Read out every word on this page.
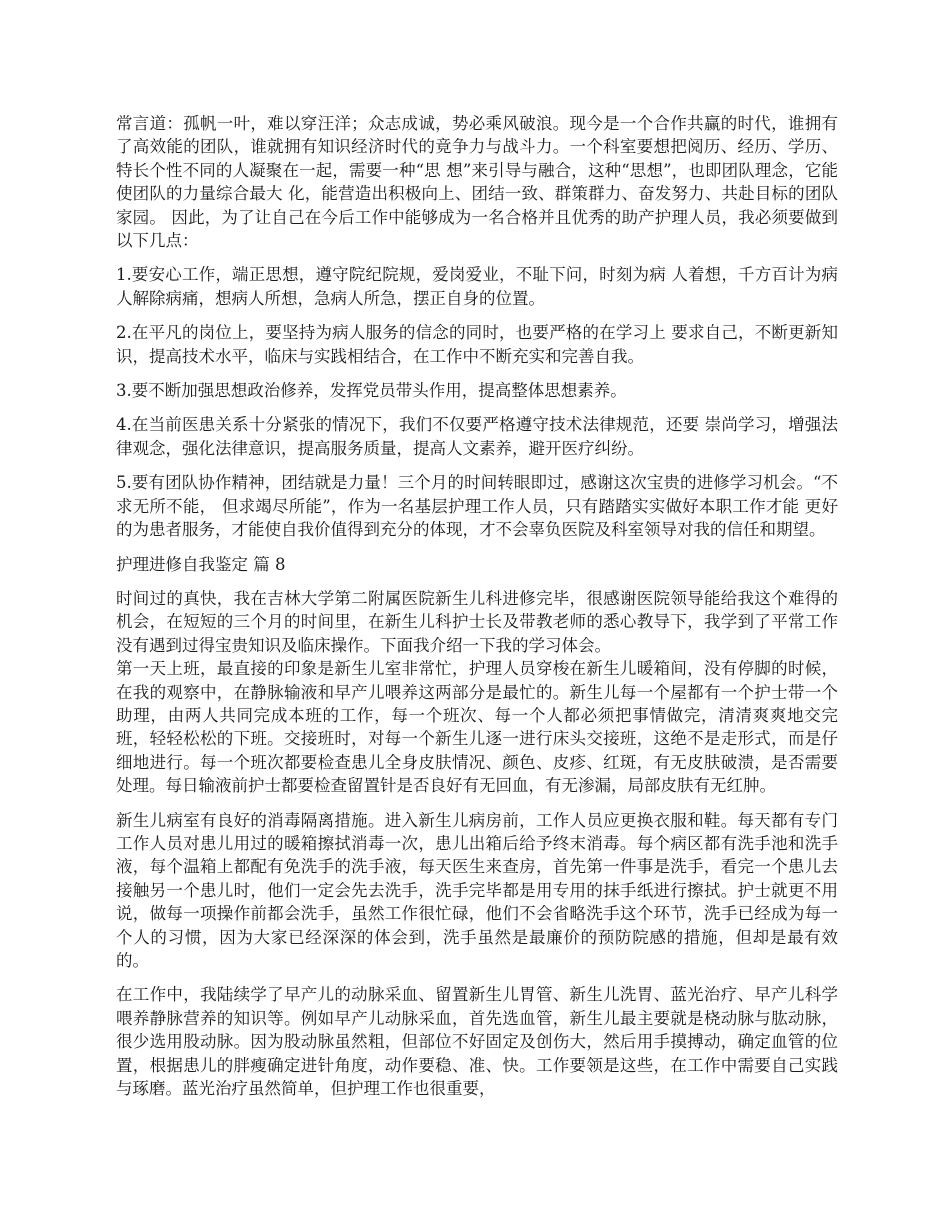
常言道：孤帆一叶，难以穿汪洋；众志成诚，势必乘风破浪。现今是一个合作共赢的时代，谁拥有了高效能的团队，谁就拥有知识经济时代的竟争力与战斗力。一个科室要想把阅历、经历、学历、特长个性不同的人凝聚在一起，需要一种“思 想”来引导与融合，这种“思想”，也即团队理念，它能使团队的力量综合最大 化，能营造出积极向上、团结一致、群策群力、奋发努力、共赴目标的团队家园。 因此，为了让自己在今后工作中能够成为一名合格并且优秀的助产护理人员，我必须要做到以下几点：

1.要安心工作，端正思想，遵守院纪院规，爱岗爱业，不耻下问，时刻为病 人着想，千方百计为病人解除病痛，想病人所想，急病人所急，摆正自身的位置。

2.在平凡的岗位上，要坚持为病人服务的信念的同时，也要严格的在学习上 要求自己，不断更新知识，提高技术水平，临床与实践相结合，在工作中不断充实和完善自我。

3.要不断加强思想政治修养，发挥党员带头作用，提高整体思想素养。

4.在当前医患关系十分紧张的情况下，我们不仅要严格遵守技术法律规范，还要 崇尚学习，增强法律观念，强化法律意识，提高服务质量，提高人文素养，避开医疗纠纷。

5.要有团队协作精神，团结就是力量！三个月的时间转眼即过，感谢这次宝贵的进修学习机会。“不求无所不能， 但求竭尽所能”，作为一名基层护理工作人员，只有踏踏实实做好本职工作才能 更好的为患者服务，才能使自我价值得到充分的体现，才不会辜负医院及科室领导对我的信任和期望。

护理进修自我鉴定 篇 8

时间过的真快，我在吉林大学第二附属医院新生儿科进修完毕，很感谢医院领导能给我这个难得的机会，在短短的三个月的时间里，在新生儿科护士长及带教老师的悉心教导下，我学到了平常工作没有遇到过得宝贵知识及临床操作。下面我介绍一下我的学习体会。

第一天上班，最直接的印象是新生儿室非常忙，护理人员穿梭在新生儿暖箱间，没有停脚的时候，在我的观察中，在静脉输液和早产儿喂养这两部分是最忙的。新生儿每一个屋都有一个护士带一个助理，由两人共同完成本班的工作，每一个班次、每一个人都必须把事情做完，清清爽爽地交完班，轻轻松松的下班。交接班时，对每一个新生儿逐一进行床头交接班，这绝不是走形式，而是仔细地进行。每一个班次都要检查患儿全身皮肤情况、颜色、皮疹、红斑，有无皮肤破溃，是否需要处理。每日输液前护士都要检查留置针是否良好有无回血，有无渗漏，局部皮肤有无红肿。

新生儿病室有良好的消毒隔离措施。进入新生儿病房前，工作人员应更换衣服和鞋。每天都有专门工作人员对患儿用过的暖箱擦拭消毒一次，患儿出箱后给予终末消毒。每个病区都有洗手池和洗手液，每个温箱上都配有免洗手的洗手液，每天医生来查房，首先第一件事是洗手，看完一个患儿去接触另一个患儿时，他们一定会先去洗手，洗手完毕都是用专用的抹手纸进行擦拭。护士就更不用说，做每一项操作前都会洗手，虽然工作很忙碌，他们不会省略洗手这个环节，洗手已经成为每一个人的习惯，因为大家已经深深的体会到，洗手虽然是最廉价的预防院感的措施，但却是最有效的。

在工作中，我陆续学了早产儿的动脉采血、留置新生儿胃管、新生儿洗胃、蓝光治疗、早产儿科学喂养静脉营养的知识等。例如早产儿动脉采血，首先选血管，新生儿最主要就是桡动脉与肱动脉，很少选用股动脉。因为股动脉虽然粗，但部位不好固定及创伤大，然后用手摸搏动，确定血管的位置，根据患儿的胖瘦确定进针角度，动作要稳、准、快。工作要领是这些，在工作中需要自己实践与琢磨。蓝光治疗虽然简单，但护理工作也很重要，
